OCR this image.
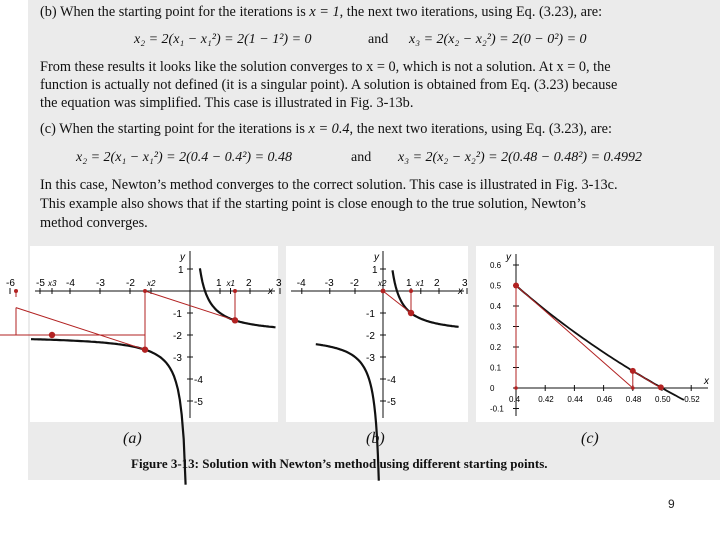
(b) When the starting point for the iterations is x = 1, the next two iterations, using Eq. (3.23), are:
x₂ = 2(x₁ − x₁²) = 2(1 − 1²) = 0	and x₃ = 2(x₂ − x₂²) = 2(0 − 0²) = 0
From these results it looks like the solution converges to x = 0, which is not a solution. At x = 0, the
function is actually not defined (it is a singular point). A solution is obtained from Eq. (3.23) because
the equation was simplified. This case is illustrated in Fig. 3-13b.
(c) When the starting point for the iterations is x = 0.4, the next two iterations, using Eq. (3.23), are:
x₂ = 2(x₁ − x₁²) = 2(0.4 − 0.4²) = 0.48	and x₃ = 2(x₂ − x₂²) = 2(0.48 − 0.48²) = 0.4992
In this case, Newton’s method converges to the correct solution. This case is illustrated in Fig. 3-13c.
This example also shows that if the starting point is close enough to the true solution, Newton’s
method converges.
y
x
-6 -5 x3 -4 -3 -2 x2	1 x1 2 3
1
-1
-2
-3
-4
-5
y
x
-4 -3 -2 x2 1 x1 2 3
1
-1
-2
-3
-4
-5
y
x
0.4 0.42 0.44 0.46 0.48 0.50 0.52
0.6
0.5
0.4
0.3
0.2
0.1
0
-0.1
(a)	(b)	(c)
Figure 3-13: Solution with Newton’s method using different starting points.
9
